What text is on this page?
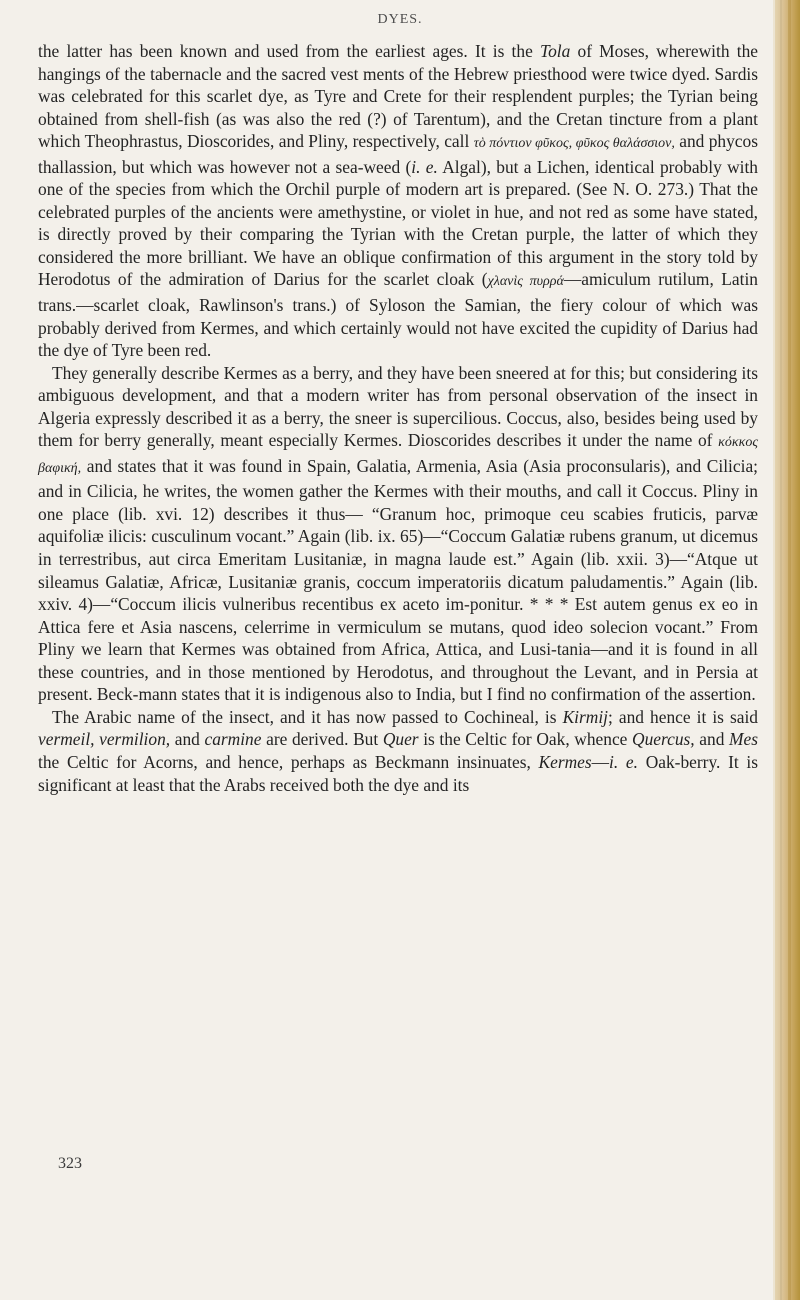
DYES.

the latter has been known and used from the earliest ages. It is the Tola of Moses, wherewith the hangings of the tabernacle and the sacred vest ments of the Hebrew priesthood were twice dyed. Sardis was celebrated for this scarlet dye, as Tyre and Crete for their resplendent purples; the Tyrian being obtained from shell-fish (as was also the red (?) of Tarentum), and the Cretan tincture from a plant which Theophrastus, Dioscorides, and Pliny, respectively, call τὸ πόντιον φῦκος, φῦκος θαλάσσιον, and phycos thallassion, but which was however not a sea-weed (i. e. Algal), but a Lichen, identical probably with one of the species from which the Orchil purple of modern art is prepared. (See N. O. 273.) That the celebrated purples of the ancients were amethystine, or violet in hue, and not red as some have stated, is directly proved by their comparing the Tyrian with the Cretan purple, the latter of which they considered the more brilliant. We have an oblique confirmation of this argument in the story told by Herodotus of the admiration of Darius for the scarlet cloak (χλανὶς πυρρά—amiculum rutilum, Latin trans.—scarlet cloak, Rawlinson's trans.) of Syloson the Samian, the fiery colour of which was probably derived from Kermes, and which certainly would not have excited the cupidity of Darius had the dye of Tyre been red.

They generally describe Kermes as a berry, and they have been sneered at for this; but considering its ambiguous development, and that a modern writer has from personal observation of the insect in Algeria expressly described it as a berry, the sneer is supercilious. Coccus, also, besides being used by them for berry generally, meant especially Kermes. Dioscorides describes it under the name of κόκκος βαφική, and states that it was found in Spain, Galatia, Armenia, Asia (Asia proconsularis), and Cilicia; and in Cilicia, he writes, the women gather the Kermes with their mouths, and call it Coccus. Pliny in one place (lib. xvi. 12) describes it thus— “Granum hoc, primoque ceu scabies fruticis, parvæ aquifoliæ ilicis: cusculinum vocant.” Again (lib. ix. 65)—“Coccum Galatiæ rubens granum, ut dicemus in terrestribus, aut circa Emeritam Lusitaniæ, in magna laude est.” Again (lib. xxii. 3)—“Atque ut sileamus Galatiæ, Africæ, Lusitaniæ granis, coccum imperatoriis dicatum paludamentis.” Again (lib. xxiv. 4)—“Coccum ilicis vulneribus recentibus ex aceto im-ponitur. * * * Est autem genus ex eo in Attica fere et Asia nascens, celerrime in vermiculum se mutans, quod ideo solecion vocant.” From Pliny we learn that Kermes was obtained from Africa, Attica, and Lusi-tania—and it is found in all these countries, and in those mentioned by Herodotus, and throughout the Levant, and in Persia at present. Beck-mann states that it is indigenous also to India, but I find no confirmation of the assertion.

The Arabic name of the insect, and it has now passed to Cochineal, is Kirmij; and hence it is said vermeil, vermilion, and carmine are derived. But Quer is the Celtic for Oak, whence Quercus, and Mes the Celtic for Acorns, and hence, perhaps as Beckmann insinuates, Kermes—i. e. Oak-berry. It is significant at least that the Arabs received both the dye and its

323
